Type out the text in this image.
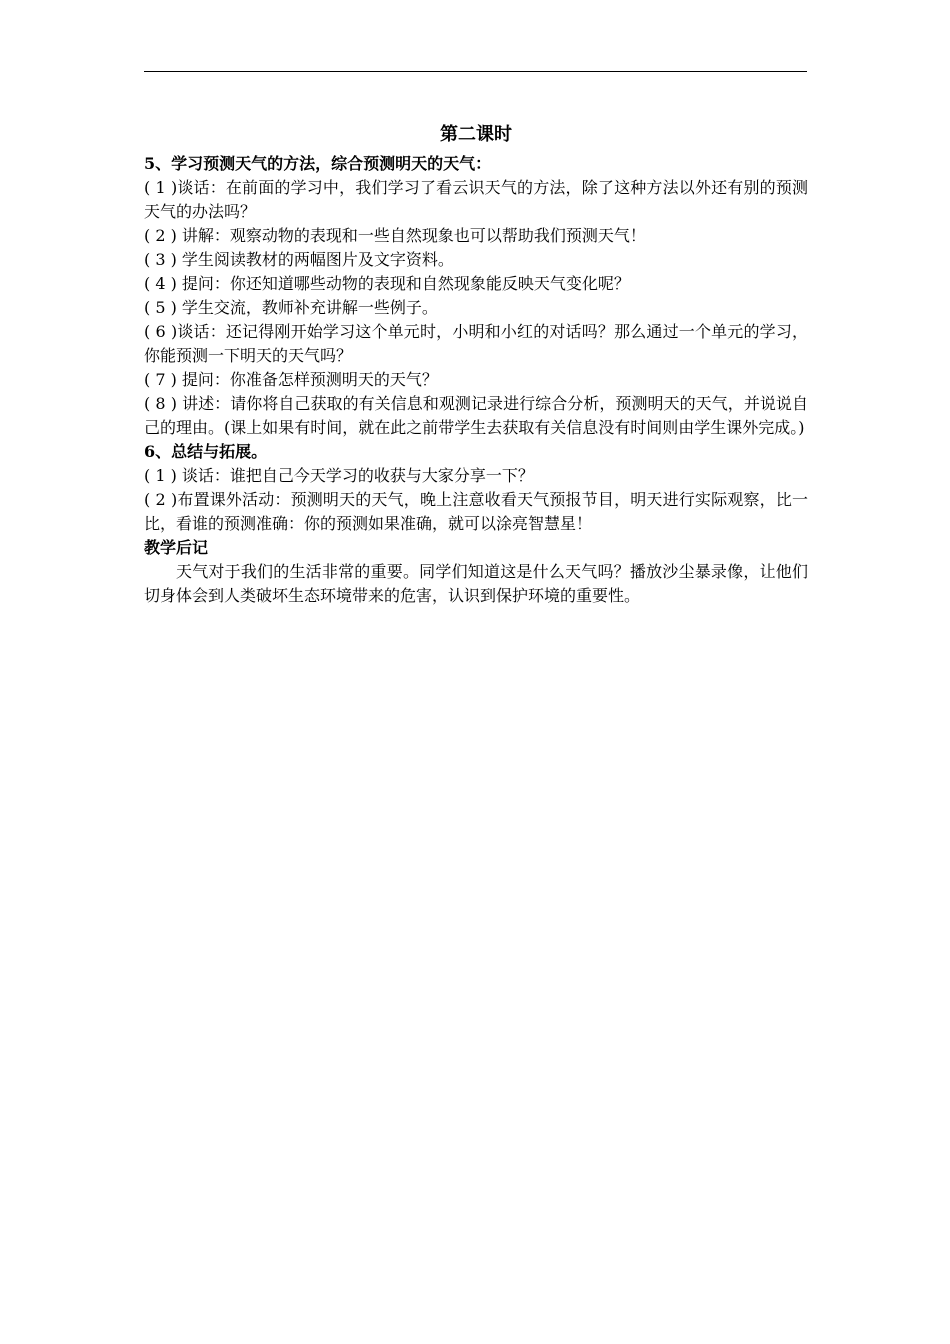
第二课时

5、学习预测天气的方法，综合预测明天的天气：

( 1 )谈话：在前面的学习中，我们学习了看云识天气的方法，除了这种方法以外还有别的预测天气的办法吗？

( 2 ) 讲解：观察动物的表现和一些自然现象也可以帮助我们预测天气！

( 3 ) 学生阅读教材的两幅图片及文字资料。

( 4 ) 提问：你还知道哪些动物的表现和自然现象能反映天气变化呢？

( 5 ) 学生交流，教师补充讲解一些例子。

( 6 )谈话：还记得刚开始学习这个单元时，小明和小红的对话吗？那么通过一个单元的学习，你能预测一下明天的天气吗？

( 7 ) 提问：你准备怎样预测明天的天气？

( 8 ) 讲述：请你将自己获取的有关信息和观测记录进行综合分析，预测明天的天气，并说说自己的理由。(课上如果有时间，就在此之前带学生去获取有关信息没有时间则由学生课外完成。)

6、总结与拓展。

( 1 ) 谈话：谁把自己今天学习的收获与大家分享一下？

( 2 )布置课外活动：预测明天的天气，晚上注意收看天气预报节目，明天进行实际观察，比一比，看谁的预测准确：你的预测如果准确，就可以涂亮智慧星！

教学后记

天气对于我们的生活非常的重要。同学们知道这是什么天气吗？播放沙尘暴录像，让他们切身体会到人类破坏生态环境带来的危害，认识到保护环境的重要性。
